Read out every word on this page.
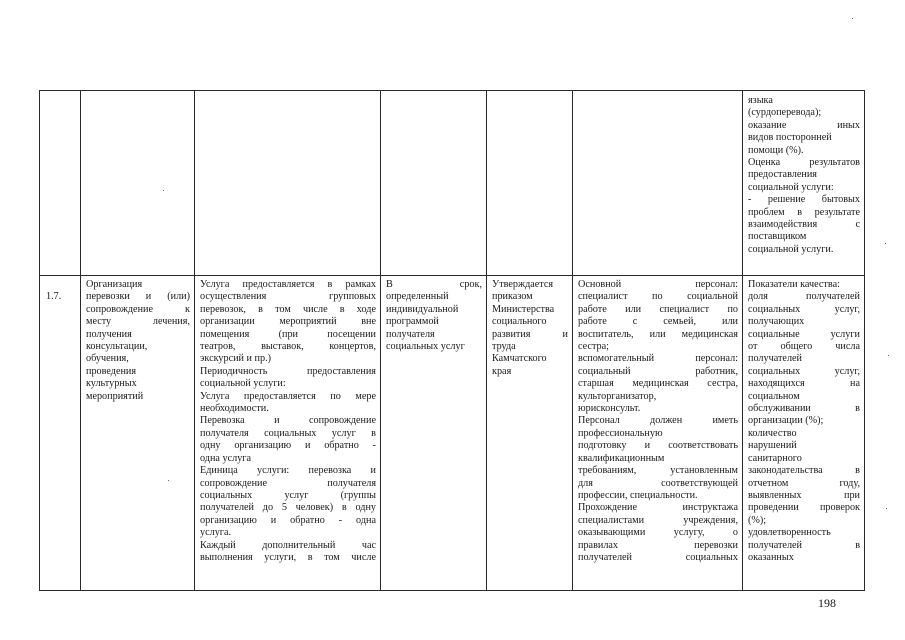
языка
(сурдоперевода);
оказание иных
видов посторонней
помощи (%).
Оценка результатов
предоставления
социальной услуги:
- решение бытовых
проблем в результате
взаимодействия с
поставщиком
социальной услуги.

1.7.

Организация
перевозки и (или)
сопровождение к
месту лечения,
получения
консультации,
обучения,
проведения
культурных
мероприятий
Услуга предоставляется в рамках
осуществления групповых
перевозок, в том числе в ходе
организации мероприятий вне
помещения (при посещении
театров, выставок, концертов,
экскурсий и пр.)
Периодичность предоставления
социальной услуги:
Услуга предоставляется по мере
необходимости.
Перевозка и сопровождение
получателя социальных услуг в
одну организацию и обратно -
одна услуга
Единица услуги: перевозка и
сопровождение получателя
социальных услуг (группы
получателей до 5 человек) в одну
организацию и обратно - одна
услуга.
Каждый дополнительный час
выполнения услуги, в том числе
В срок,
определенный
индивидуальной
программой
получателя
социальных услуг
Утверждается
приказом
Министерства
социального
развития и
труда
Камчатского
края
Основной персонал:
специалист по социальной
работе или специалист по
работе с семьей, или
воспитатель, или медицинская
сестра;
вспомогательный персонал:
социальный работник,
старшая медицинская сестра,
культорганизатор,
юрисконсульт.
Персонал должен иметь
профессиональную
подготовку и соответствовать
квалификационным
требованиям, установленным
для соответствующей
профессии, специальности.
Прохождение инструктажа
специалистами учреждения,
оказывающими услугу, о
правилах перевозки
получателей социальных
Показатели качества:
доля получателей
социальных услуг,
получающих
социальные услуги
от общего числа
получателей
социальных услуг,
находящихся на
социальном
обслуживании в
организации (%);
количество
нарушений
санитарного
законодательства в
отчетном году,
выявленных при
проведении проверок
(%);
удовлетворенность
получателей в
оказанных
198
